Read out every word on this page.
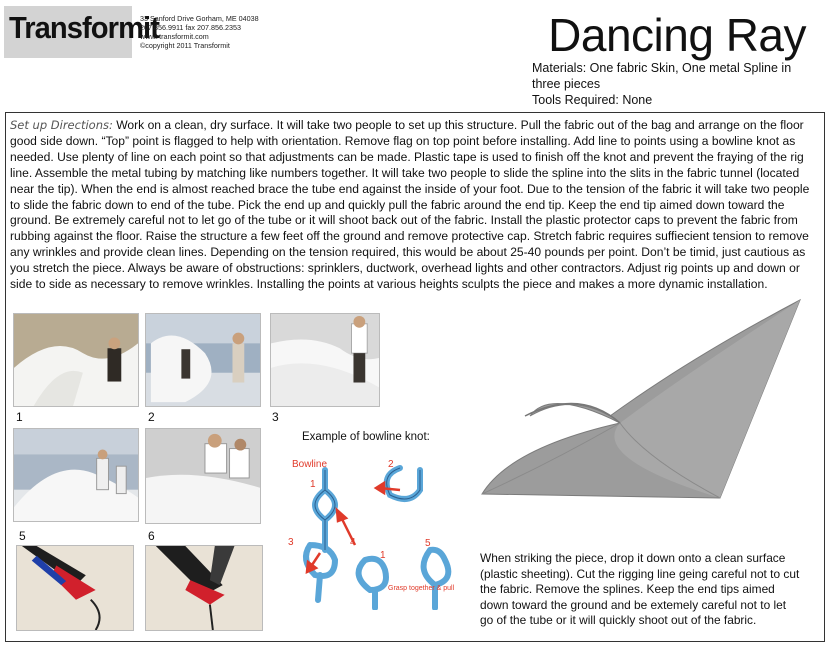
Transformit
33 Sanford Drive Gorham, ME 04038
207.856.9911 fax 207.856.2353
www. transformit.com
©copyright 2011 Transformit	Dancing Ray
Materials: One fabric Skin, One metal Spline in three pieces
Tools Required: None
Set up Directions: Work on a clean, dry surface. It will take two people to set up this structure. Pull the fabric out of the bag and arrange on the floor good side down. “Top” point is flagged to help with orientation. Remove flag on top point before installing. Add line to points using a bowline knot as needed. Use plenty of line on each point so that adjustments can be made. Plastic tape is used to finish off the knot and prevent the fraying of the rig line. Assemble the metal tubing by matching like numbers together. It will take two people to slide the spline into the slits in the fabric tunnel (located near the tip). When the end is almost reached brace the tube end against the inside of your foot. Due to the tension of the fabric it will take two people to slide the fabric down to end of the tube. Pick the end up and quickly pull the fabric around the end tip. Keep the end tip aimed down toward the ground. Be extremely careful not to let go of the tube or it will shoot back out of the fabric. Install the plastic protector caps to prevent the fabric from rubbing against the floor. Raise the structure a few feet off the ground and remove protective cap. Stretch fabric requires suffiecient tension to remove any wrinkles and provide clean lines. Depending on the tension required, this would be about 25-40 pounds per point. Don’t be timid, just cautious as you stretch the piece. Always be aware of obstructions: sprinklers, ductwork, overhead lights and other contractors. Adjust rig points up and down or side to side as necessary to remove wrinkles. Installing the points at various heights sculpts the piece and makes a more dynamic installation.
1	2	3
5	6
Example of bowline knot:
Bowline
1
2
3	4
1
5
Grasp together & pull
When striking the piece, drop it down onto a clean surface (plastic sheeting). Cut the rigging line geing careful not to cut the fabric. Remove the splines. Keep the end tips aimed down toward the ground and be extemely careful not to let go of the tube or it will quickly shoot out of the fabric.
